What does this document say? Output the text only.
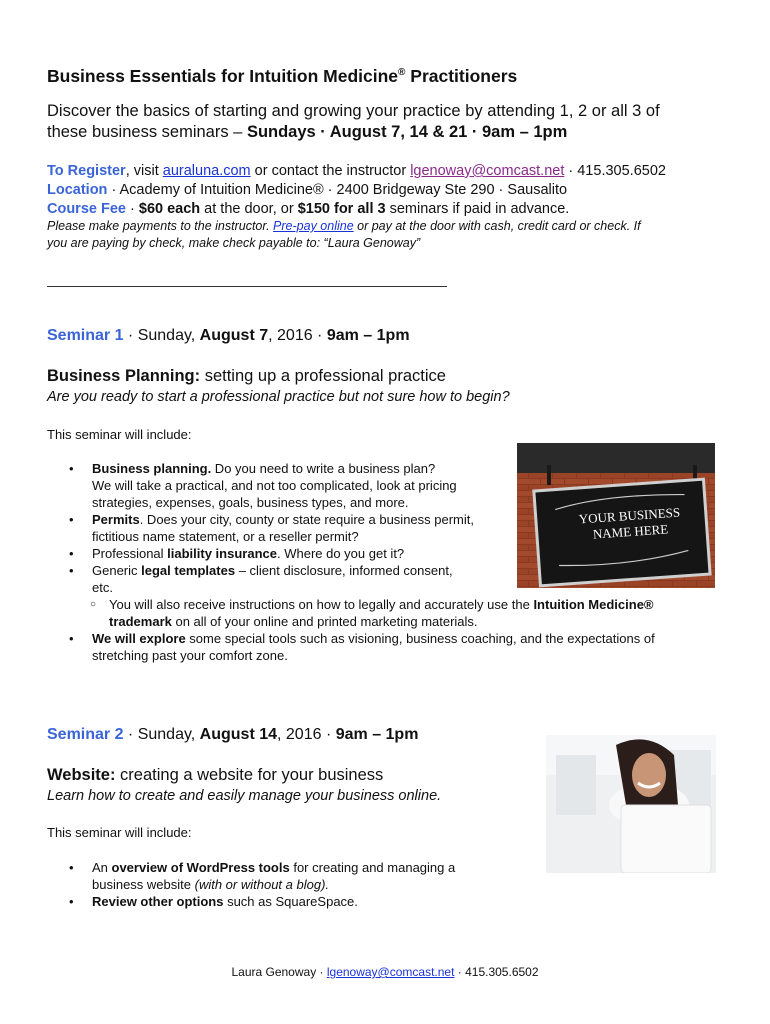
Business Essentials for Intuition Medicine® Practitioners
Discover the basics of starting and growing your practice by attending 1, 2 or all 3 of
these business seminars – Sundays · August 7, 14 & 21 · 9am – 1pm
To Register, visit auraluna.com or contact the instructor lgenoway@comcast.net · 415.305.6502
Location · Academy of Intuition Medicine® · 2400 Bridgeway Ste 290 · Sausalito
Course Fee · $60 each at the door, or $150 for all 3 seminars if paid in advance.
Please make payments to the instructor. Pre-pay online or pay at the door with cash, credit card or check. If
you are paying by check, make check payable to: “Laura Genoway”
Seminar 1 · Sunday, August 7, 2016 · 9am – 1pm
Business Planning: setting up a professional practice
Are you ready to start a professional practice but not sure how to begin?
This seminar will include:
• Business planning. Do you need to write a business plan?
We will take a practical, and not too complicated, look at pricing
strategies, expenses, goals, business types, and more.
• Permits. Does your city, county or state require a business permit,
fictitious name statement, or a reseller permit?
• Professional liability insurance. Where do you get it?
• Generic legal templates – client disclosure, informed consent,
etc.
○ You will also receive instructions on how to legally and accurately use the Intuition Medicine®
trademark on all of your online and printed marketing materials.
• We will explore some special tools such as visioning, business coaching, and the expectations of
stretching past your comfort zone.
YOUR BUSINESS
NAME HERE
Seminar 2 · Sunday, August 14, 2016 · 9am – 1pm
Website: creating a website for your business
Learn how to create and easily manage your business online.
This seminar will include:
• An overview of WordPress tools for creating and managing a
business website (with or without a blog).
• Review other options such as SquareSpace.
Laura Genoway · lgenoway@comcast.net · 415.305.6502
